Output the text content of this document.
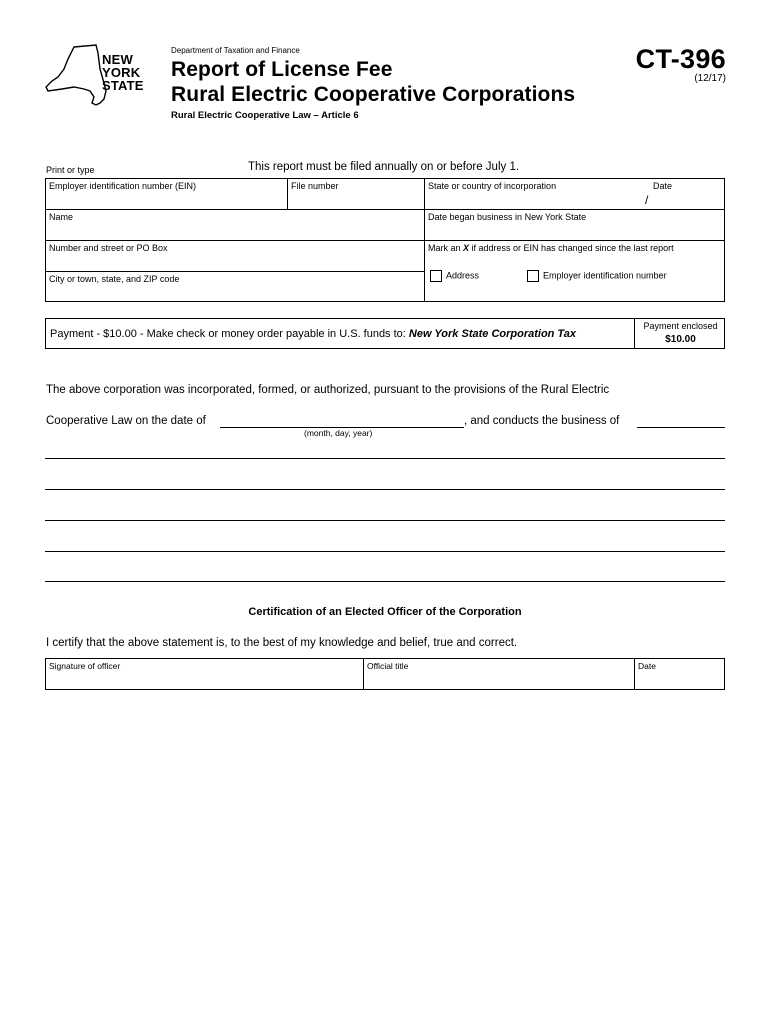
NEW
YORK
STATE
Department of Taxation and Finance
Report of License Fee
Rural Electric Cooperative Corporations
Rural Electric Cooperative Law – Article 6
CT-396
(12/17)
Print or type	This report must be filed annually on or before July 1.
Employer identification number (EIN)	File number	State or country of incorporation	Date
/
Name	Date began business in New York State
Number and street or PO Box	Mark an X if address or EIN has changed since the last report
Address	Employer identification number
City or town, state, and ZIP code
Payment - $10.00 - Make check or money order payable in U.S. funds to: New York State Corporation Tax
Payment enclosed
$10.00
The above corporation was incorporated, formed, or authorized, pursuant to the provisions of the Rural Electric
Cooperative Law on the date of
(month, day, year)
, and conducts the business of
Certification of an Elected Officer of the Corporation
I certify that the above statement is, to the best of my knowledge and belief, true and correct.
Signature of officer	Official title	Date
